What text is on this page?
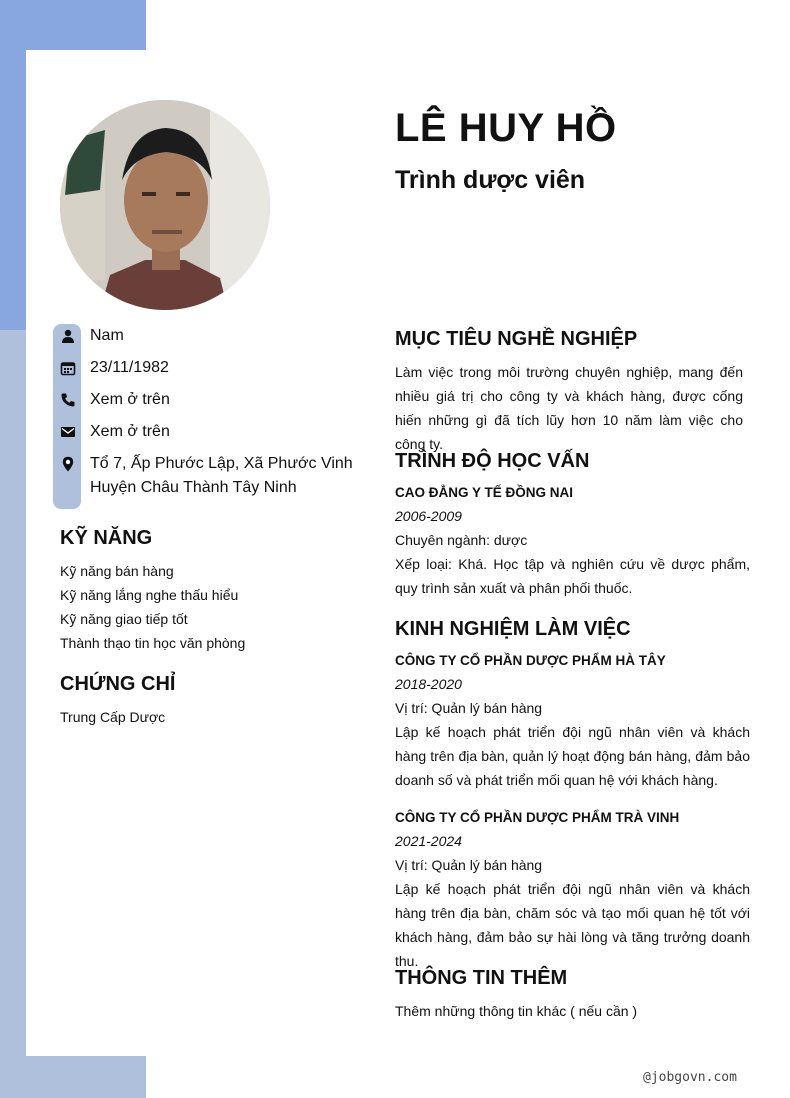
LÊ HUY HỒ
Trình dược viên
Nam
23/11/1982
Xem ở trên
Xem ở trên
Tổ 7, Ấp Phước Lập, Xã Phước Vinh
Huyện Châu Thành Tây Ninh
KỸ NĂNG
Kỹ năng bán hàng
Kỹ năng lắng nghe thấu hiểu
Kỹ năng giao tiếp tốt
Thành thạo tin học văn phòng
CHỨNG CHỈ
Trung Cấp Dược
MỤC TIÊU NGHỀ NGHIỆP
Làm việc trong môi trường chuyên nghiệp, mang đến nhiều giá trị cho công ty và khách hàng, được cống hiến những gì đã tích lũy hơn 10 năm làm việc cho công ty.
TRÌNH ĐỘ HỌC VẤN
CAO ĐẲNG Y TẾ ĐỒNG NAI
2006-2009
Chuyên ngành: dược
Xếp loại: Khá. Học tập và nghiên cứu về dược phẩm, quy trình sản xuất và phân phối thuốc.
KINH NGHIỆM LÀM VIỆC
CÔNG TY CỔ PHẦN DƯỢC PHẨM HÀ TÂY
2018-2020
Vị trí: Quản lý bán hàng
Lập kế hoạch phát triển đội ngũ nhân viên và khách hàng trên địa bàn, quản lý hoạt động bán hàng, đảm bảo doanh số và phát triển mối quan hệ với khách hàng.
CÔNG TY CỔ PHẦN DƯỢC PHẨM TRÀ VINH
2021-2024
Vị trí: Quản lý bán hàng
Lập kế hoạch phát triển đội ngũ nhân viên và khách hàng trên địa bàn, chăm sóc và tạo mối quan hệ tốt với khách hàng, đảm bảo sự hài lòng và tăng trưởng doanh thu.
THÔNG TIN THÊM
Thêm những thông tin khác ( nếu cần )
@jobgovn.com
